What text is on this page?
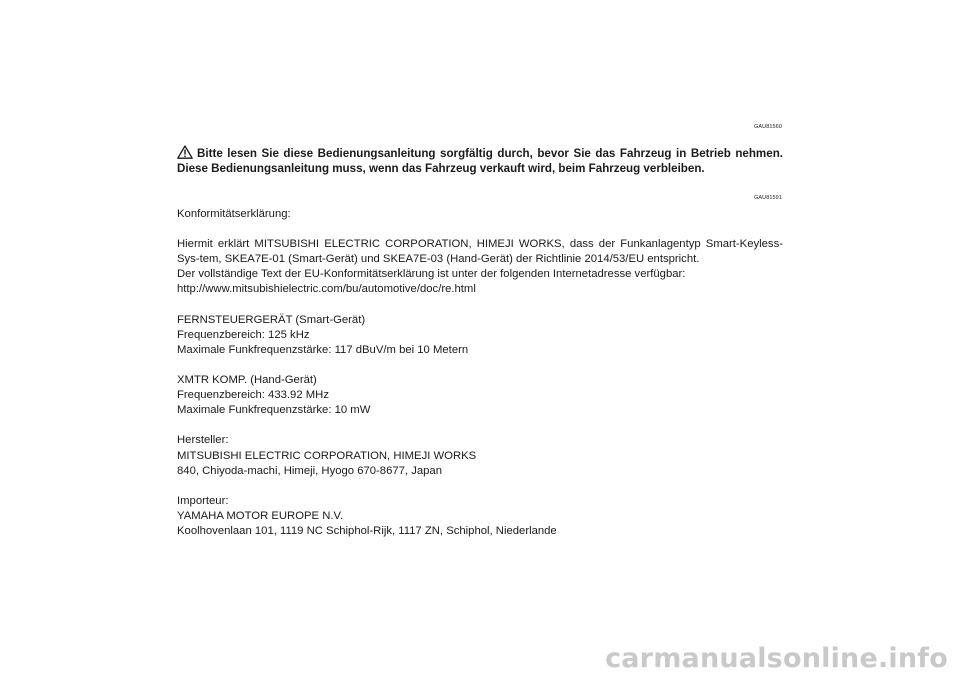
GAU81560
Bitte lesen Sie diese Bedienungsanleitung sorgfältig durch, bevor Sie das Fahrzeug in Betrieb nehmen. Diese Bedienungsanleitung muss, wenn das Fahrzeug verkauft wird, beim Fahrzeug verbleiben.
GAU81591

Konformitätserklärung:

Hiermit erklärt MITSUBISHI ELECTRIC CORPORATION, HIMEJI WORKS, dass der Funkanlagentyp Smart-Keyless-Sys-tem, SKEA7E-01 (Smart-Gerät) und SKEA7E-03 (Hand-Gerät) der Richtlinie 2014/53/EU entspricht.

Der vollständige Text der EU-Konformitätserklärung ist unter der folgenden Internetadresse verfügbar:

http://www.mitsubishielectric.com/bu/automotive/doc/re.html

FERNSTEUERGERÄT (Smart-Gerät)

Frequenzbereich: 125 kHz

Maximale Funkfrequenzstärke: 117 dBuV/m bei 10 Metern

XMTR KOMP. (Hand-Gerät)

Frequenzbereich: 433.92 MHz

Maximale Funkfrequenzstärke: 10 mW

Hersteller:

MITSUBISHI ELECTRIC CORPORATION, HIMEJI WORKS

840, Chiyoda-machi, Himeji, Hyogo 670-8677, Japan

Importeur:

YAMAHA MOTOR EUROPE N.V.

Koolhovenlaan 101, 1119 NC Schiphol-Rijk, 1117 ZN, Schiphol, Niederlande

carmanualsonline.info
